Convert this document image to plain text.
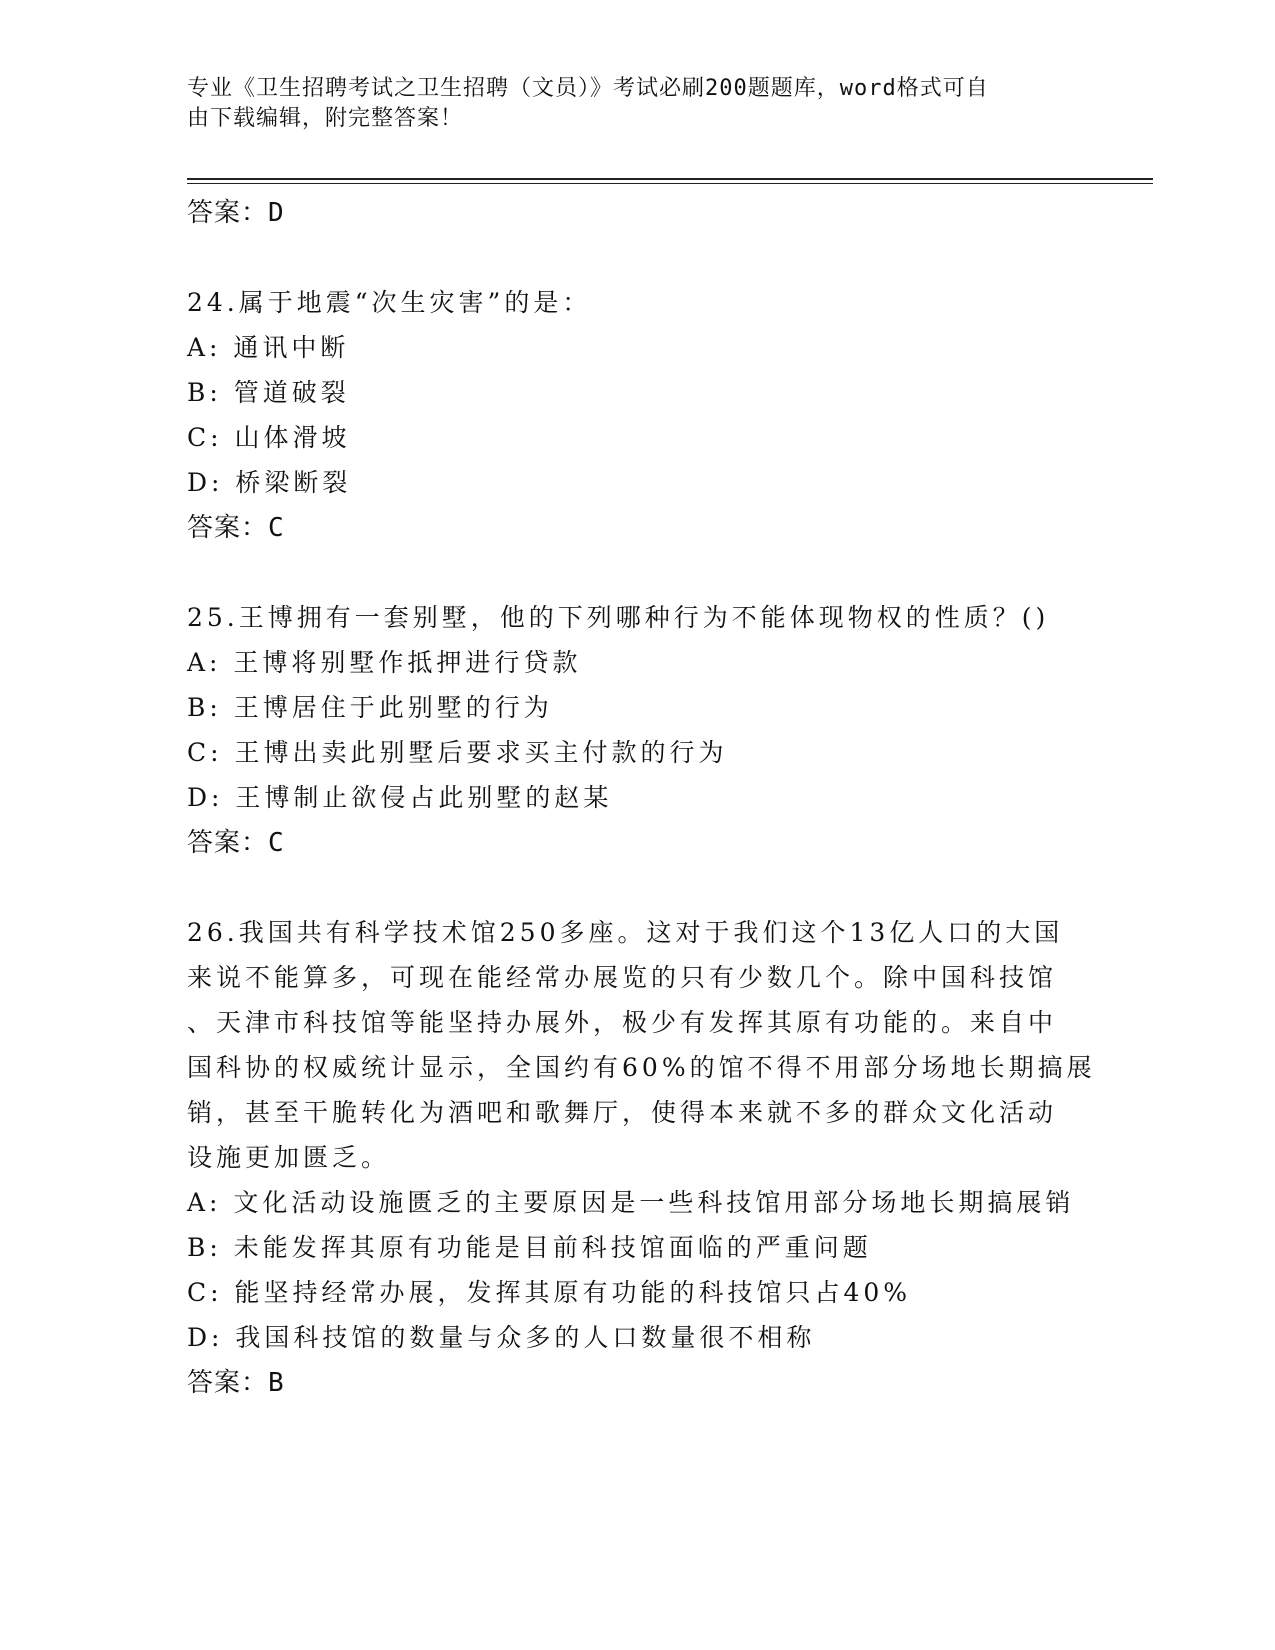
专业《卫生招聘考试之卫生招聘（文员）》考试必刷200题题库，word格式可自
由下载编辑，附完整答案！
答案：D
24.属于地震“次生灾害”的是：
A: 通讯中断
B: 管道破裂
C: 山体滑坡
D: 桥梁断裂
答案：C
25.王博拥有一套别墅，他的下列哪种行为不能体现物权的性质？()
A: 王博将别墅作抵押进行贷款
B: 王博居住于此别墅的行为
C: 王博出卖此别墅后要求买主付款的行为
D: 王博制止欲侵占此别墅的赵某
答案：C
26.我国共有科学技术馆250多座。这对于我们这个13亿人口的大国
来说不能算多，可现在能经常办展览的只有少数几个。除中国科技馆
、天津市科技馆等能坚持办展外，极少有发挥其原有功能的。来自中
国科协的权威统计显示，全国约有60%的馆不得不用部分场地长期搞展
销，甚至干脆转化为酒吧和歌舞厅，使得本来就不多的群众文化活动
设施更加匮乏。
A: 文化活动设施匮乏的主要原因是一些科技馆用部分场地长期搞展销
B: 未能发挥其原有功能是目前科技馆面临的严重问题
C: 能坚持经常办展，发挥其原有功能的科技馆只占40%
D: 我国科技馆的数量与众多的人口数量很不相称
答案：B
